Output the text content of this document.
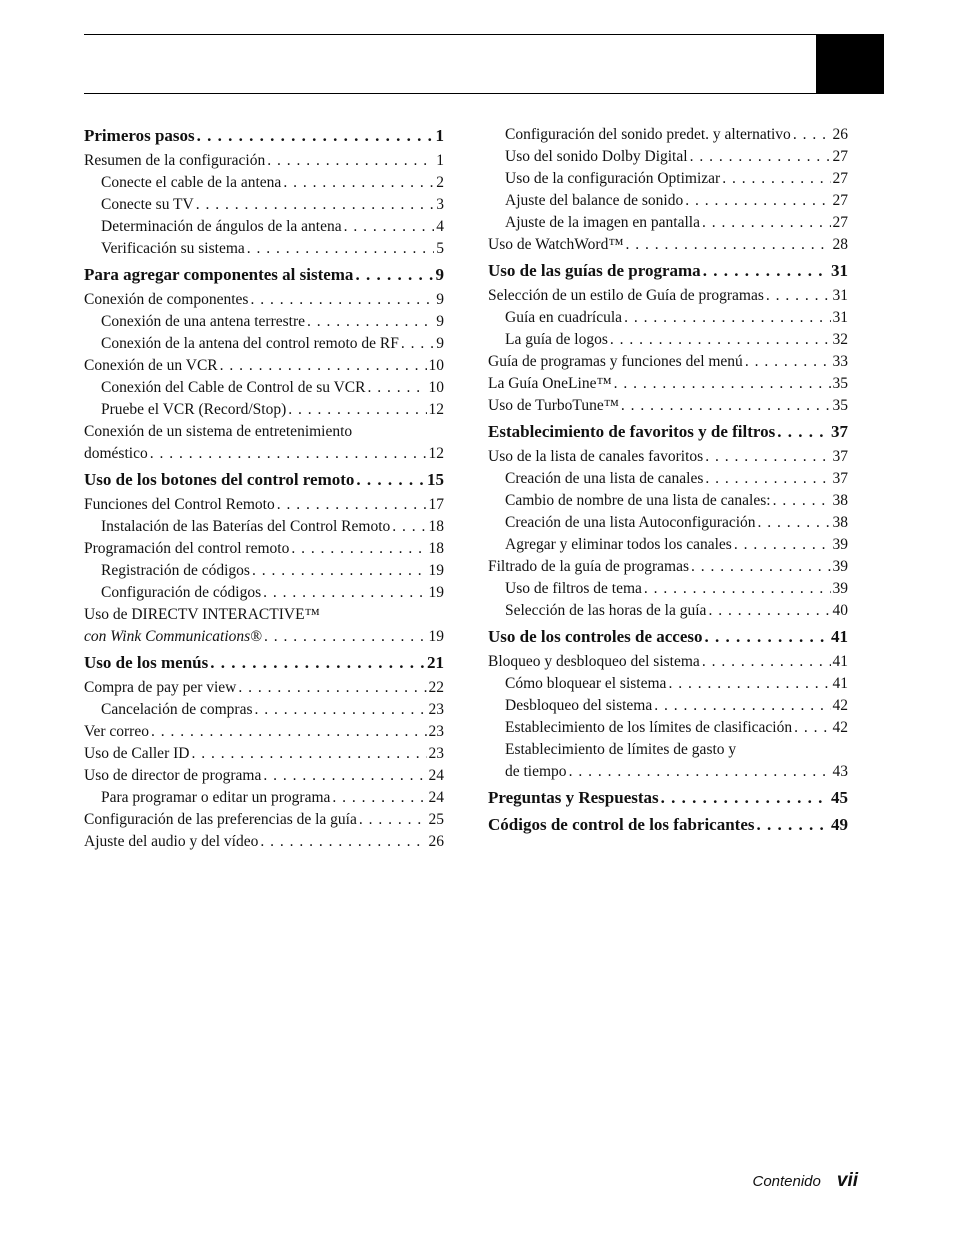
Primeros pasos . . .	1
Resumen de la configuración . . .	1
Conecte el cable de la antena . . .	2
Conecte su TV . . .	3
Determinación de ángulos de la antena . . .	4
Verificación su sistema . . .	5
Para agregar componentes al sistema . . .	9
Conexión de componentes . . .	9
Conexión de una antena terrestre . . .	9
Conexión de la antena del control remoto de RF . . . 9
Conexión de un VCR . . .	10
Conexión del Cable de Control de su VCR . . .	10
Pruebe el VCR (Record/Stop) . . .	12
Conexión de un sistema de entretenimiento
doméstico . . .	12
Uso de los botones del control remoto . . .	15
Funciones del Control Remoto . . .	17
Instalación de las Baterías del Control Remoto . . . 18
Programación del control remoto . . .	18
Registración de códigos . . .	19
Configuración de códigos . . .	19
Uso de DIRECTV INTERACTIVE™
con Wink Communications® . . .	19
Uso de los menús . . .	21
Compra de pay per view . . .	22
Cancelación de compras . . .	23
Ver correo . . .	23
Uso de Caller ID . . .	23
Uso de director de programa . . .	24
Para programar o editar un programa . . .	24
Configuración de las preferencias de la guía . . .	25
Ajuste del audio y del vídeo . . .	26
Configuración del sonido predet. y alternativo . . .	26
Uso del sonido Dolby Digital . . .	27
Uso de la configuración Optimizar . . .	27
Ajuste del balance de sonido . . .	27
Ajuste de la imagen en pantalla . . .	27
Uso de WatchWord™ . . .	28
Uso de las guías de programa . . .	31
Selección de un estilo de Guía de programas . . .	31
Guía en cuadrícula . . .	31
La guía de logos . . .	32
Guía de programas y funciones del menú . . .	33
La Guía OneLine™ . . .	35
Uso de TurboTune™ . . .	35
Establecimiento de favoritos y de filtros . . .	37
Uso de la lista de canales favoritos . . .	37
Creación de una lista de canales . . .	37
Cambio de nombre de una lista de canales: . . .	38
Creación de una lista Autoconfiguración . . .	38
Agregar y eliminar todos los canales . . .	39
Filtrado de la guía de programas . . .	39
Uso de filtros de tema . . .	39
Selección de las horas de la guía . . .	40
Uso de los controles de acceso . . .	41
Bloqueo y desbloqueo del sistema . . .	41
Cómo bloquear el sistema . . .	41
Desbloqueo del sistema . . .	42
Establecimiento de los límites de clasificación . . .	42
Establecimiento de límites de gasto y
de tiempo . . .	43
Preguntas y Respuestas . . .	45
Códigos de control de los fabricantes . . .	49
Contenido vii
